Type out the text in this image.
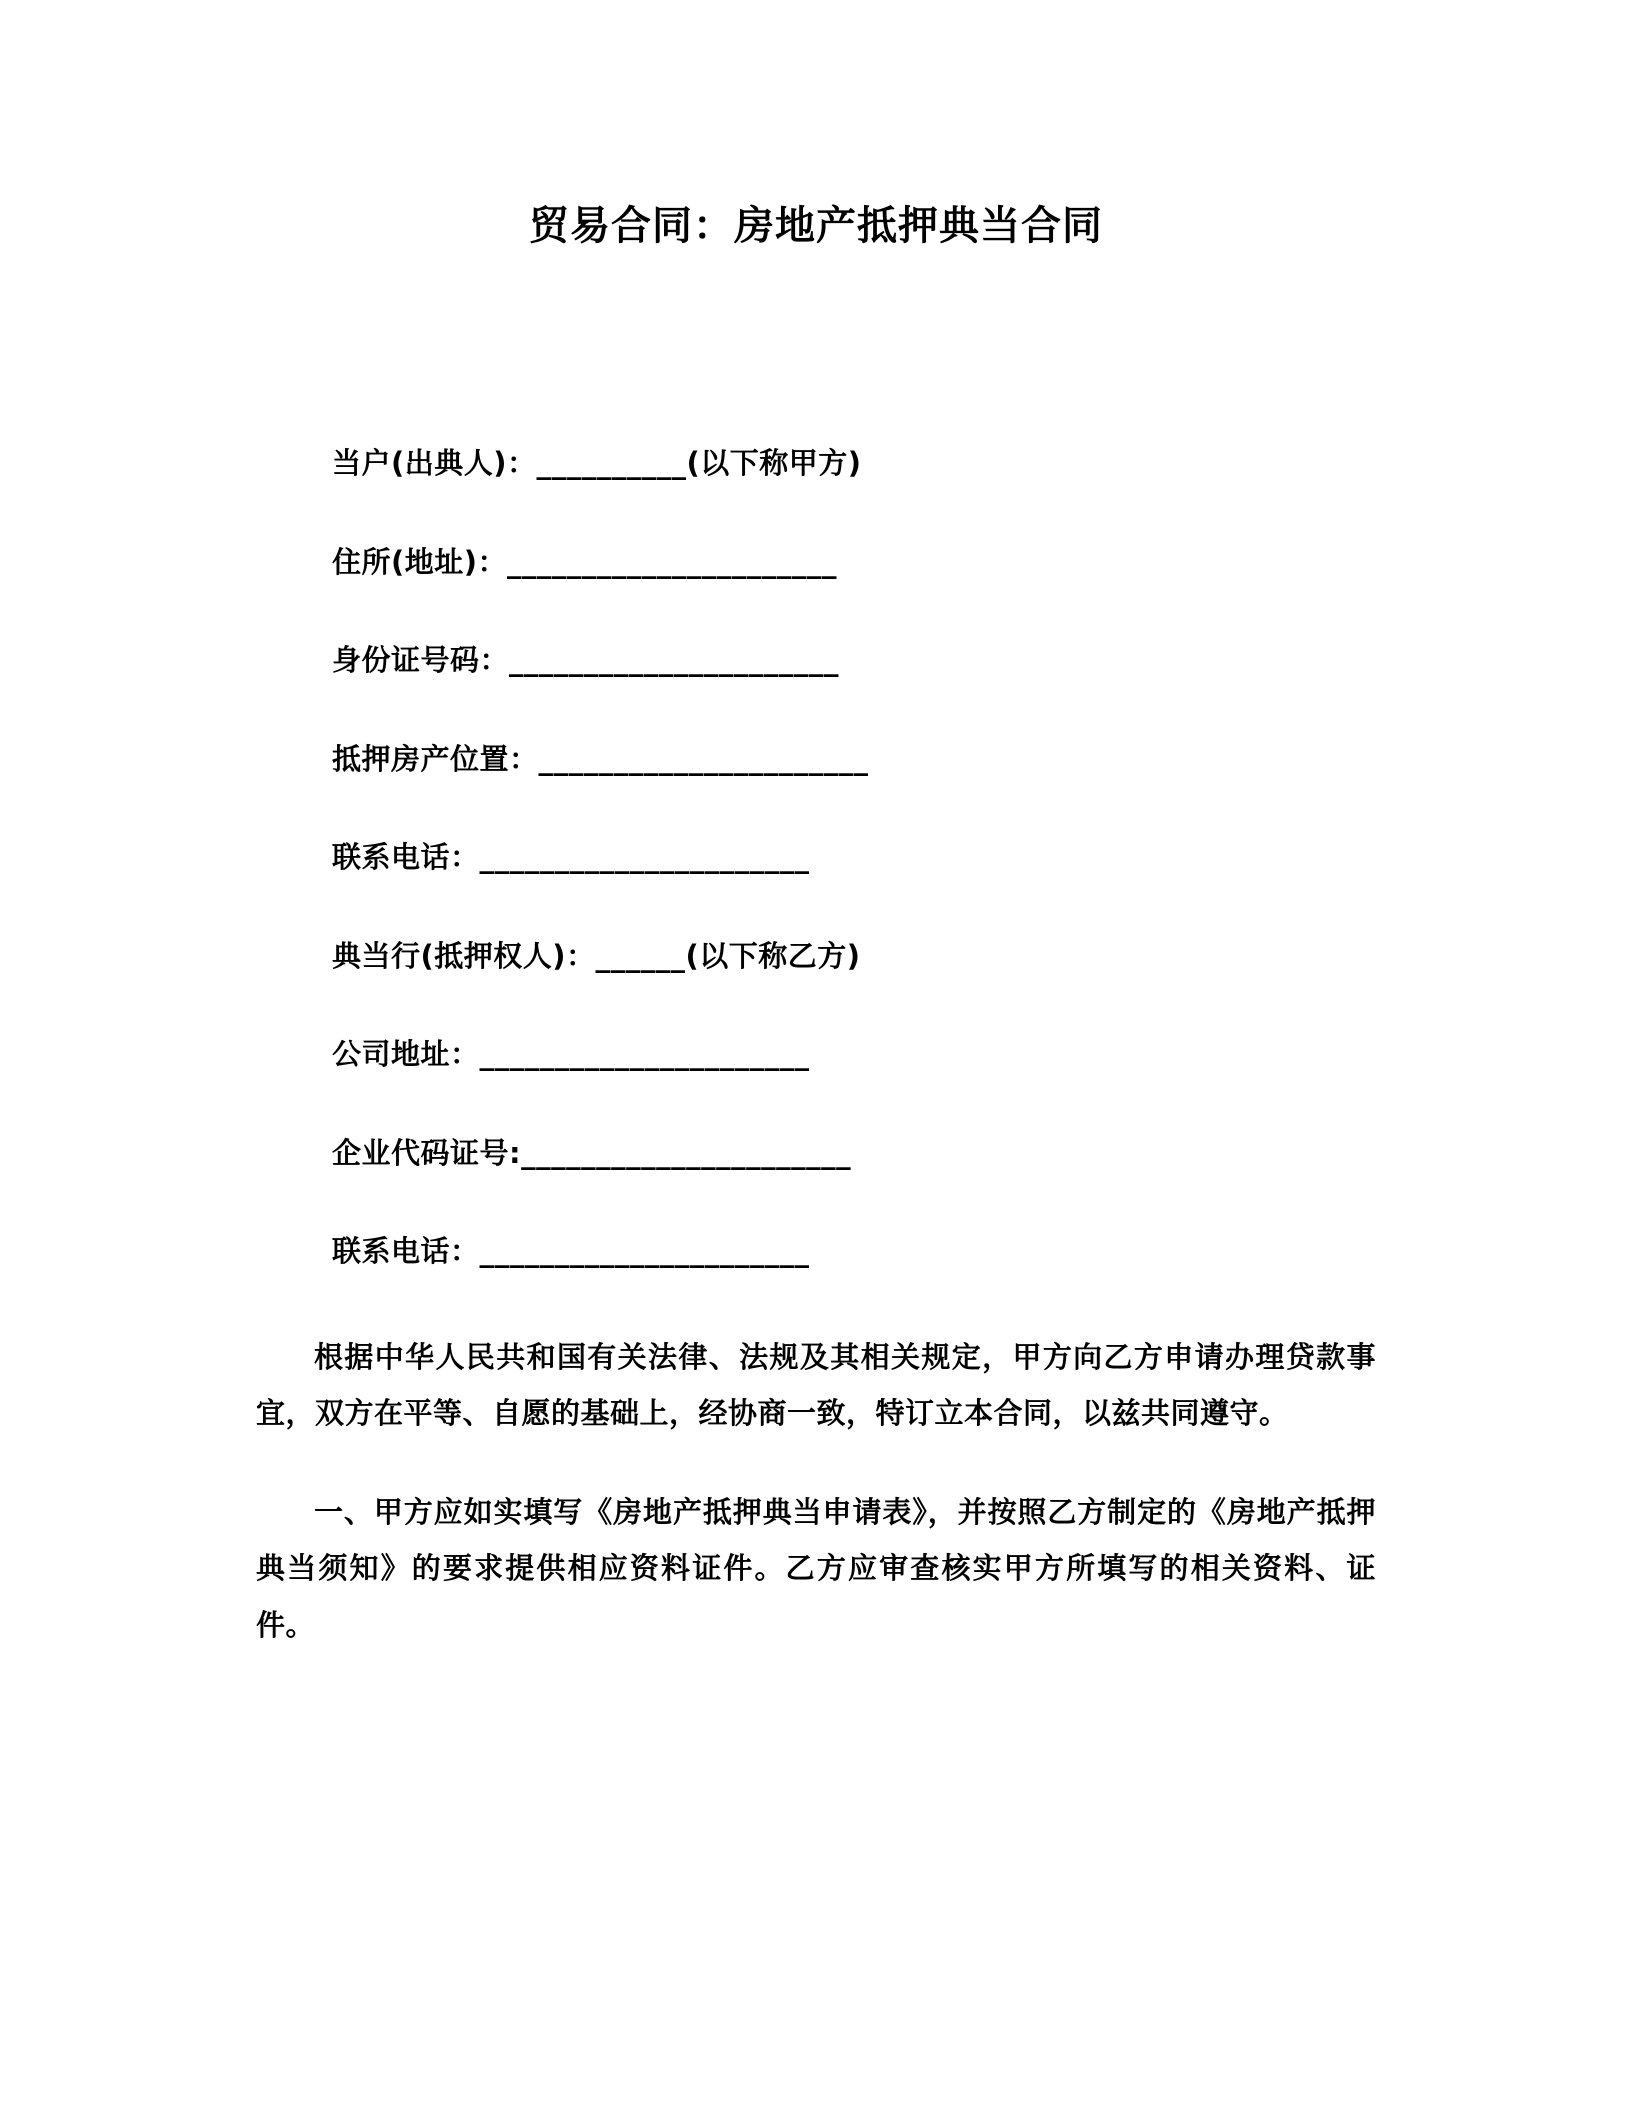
贸易合同：房地产抵押典当合同

当户(出典人)：__________(以下称甲方)

住所(地址)：______________________

身份证号码：______________________

抵押房产位置：______________________

联系电话：______________________

典当行(抵押权人)：______(以下称乙方)

公司地址：______________________

企业代码证号:______________________

联系电话：______________________

根据中华人民共和国有关法律、法规及其相关规定，甲方向乙方申请办理贷款事宜，双方在平等、自愿的基础上，经协商一致，特订立本合同，以兹共同遵守。

一、甲方应如实填写《房地产抵押典当申请表》，并按照乙方制定的《房地产抵押典当须知》的要求提供相应资料证件。乙方应审查核实甲方所填写的相关资料、证件。
